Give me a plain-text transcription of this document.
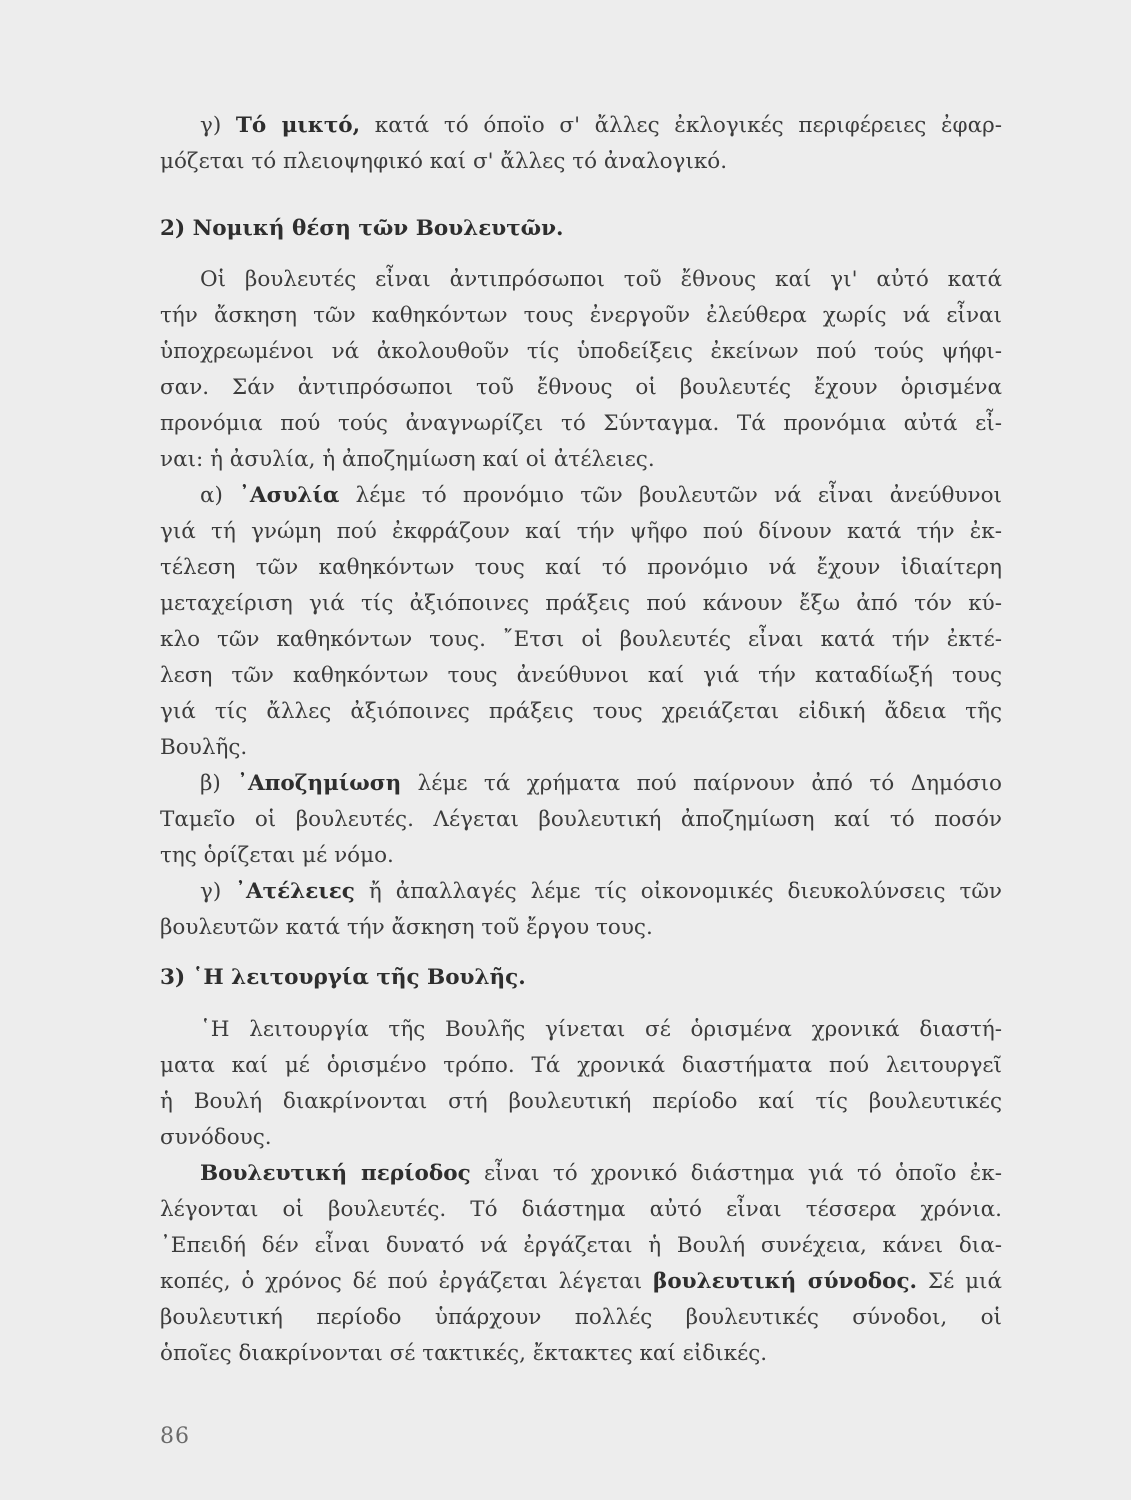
γ) Τό μικτό, κατά τό όποϊο σ' ἄλλες ἐκλογικές περιφέρειες ἐφαρ-
μόζεται τό πλειοψηφικό καί σ' ἄλλες τό ἀναλογικό.
2) Νομική θέση τῶν Βουλευτῶν.
Οἱ βουλευτές εἶναι ἀντιπρόσωποι τοῦ ἔθνους καί γι' αὐτό κατά
τήν ἄσκηση τῶν καθηκόντων τους ἐνεργοῦν ἐλεύθερα χωρίς νά εἶναι
ὑποχρεωμένοι νά ἀκολουθοῦν τίς ὑποδείξεις ἐκείνων πού τούς ψήφι-
σαν. Σάν ἀντιπρόσωποι τοῦ ἔθνους οἱ βουλευτές ἔχουν ὁρισμένα
προνόμια πού τούς ἀναγνωρίζει τό Σύνταγμα. Τά προνόμια αὐτά εἶ-
ναι: ἡ ἀσυλία, ἡ ἀποζημίωση καί οἱ ἀτέλειες.
α) ᾿Ασυλία λέμε τό προνόμιο τῶν βουλευτῶν νά εἶναι ἀνεύθυνοι
γιά τή γνώμη πού ἐκφράζουν καί τήν ψῆφο πού δίνουν κατά τήν ἐκ-
τέλεση τῶν καθηκόντων τους καί τό προνόμιο νά ἔχουν ἰδιαίτερη
μεταχείριση γιά τίς ἀξιόποινες πράξεις πού κάνουν ἔξω ἀπό τόν κύ-
κλο τῶν καθηκόντων τους. ῎Ετσι οἱ βουλευτές εἶναι κατά τήν ἐκτέ-
λεση τῶν καθηκόντων τους ἀνεύθυνοι καί γιά τήν καταδίωξή τους
γιά τίς ἄλλες ἀξιόποινες πράξεις τους χρειάζεται εἰδική ἄδεια τῆς
Βουλῆς.
β) ᾿Αποζημίωση λέμε τά χρήματα πού παίρνουν ἀπό τό Δημόσιο
Ταμεῖο οἱ βουλευτές. Λέγεται βουλευτική ἀποζημίωση καί τό ποσόν
της ὁρίζεται μέ νόμο.
γ) ᾿Ατέλειες ἤ ἀπαλλαγές λέμε τίς οἰκονομικές διευκολύνσεις τῶν
βουλευτῶν κατά τήν ἄσκηση τοῦ ἔργου τους.
3) ῾Η λειτουργία τῆς Βουλῆς.
῾Η λειτουργία τῆς Βουλῆς γίνεται σέ ὁρισμένα χρονικά διαστή-
ματα καί μέ ὁρισμένο τρόπο. Τά χρονικά διαστήματα πού λειτουργεῖ
ἡ Βουλή διακρίνονται στή βουλευτική περίοδο καί τίς βουλευτικές
συνόδους.
Βουλευτική περίοδος εἶναι τό χρονικό διάστημα γιά τό ὁποῖο ἐκ-
λέγονται οἱ βουλευτές. Τό διάστημα αὐτό εἶναι τέσσερα χρόνια.
᾿Επειδή δέν εἶναι δυνατό νά ἐργάζεται ἡ Βουλή συνέχεια, κάνει δια-
κοπές, ὁ χρόνος δέ πού ἐργάζεται λέγεται βουλευτική σύνοδος. Σέ μιά
βουλευτική περίοδο ὑπάρχουν πολλές βουλευτικές σύνοδοι, οἱ
ὁποῖες διακρίνονται σέ τακτικές, ἔκτακτες καί εἰδικές.
86
